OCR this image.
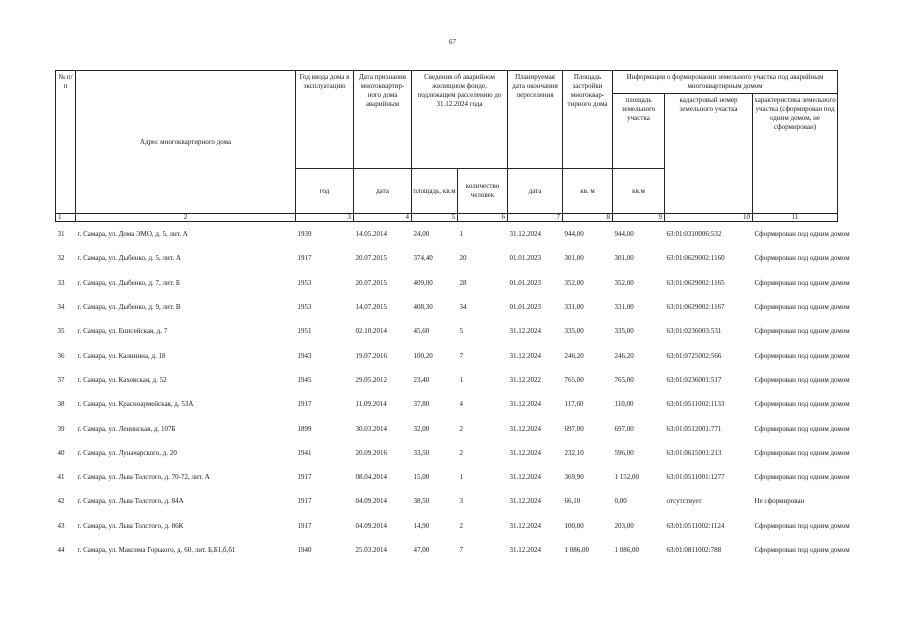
67
№ п/п	Адрес многоквартирного дома	Год ввода дома в эксплуатацию	Дата признания многоквартир-ного дома аварийным	Сведения об аварийном жилищном фонде, подлежащем расселению до 31.12.2024 года		Планируемая дата окончания переселения	Площадь застройки многоквар-тирного дома	Информация о формировании земельного участка под аварийным многоквартирным домом		
								площадь земельного участка	кадастровый номер земельного участка	характеристика земельного участка (сформирован под одним домом, не сформирован)
		год	дата	площадь, кв.м	количество человек	дата	кв. м	кв.м		
1	2	3	4	5	6	7	8	9	10	11
31	г. Самара, ул. Дома ЭМО, д. 5, лит. А	1939	14.05.2014	24,00	1	31.12.2024	944,00	944,00	63:01:0310006:532	Сформирован под одним домом
32	г. Самара, ул. Дыбенко, д. 5, лит. А	1917	20.07.2015	374,40	20	01.01.2023	301,00	301,00	63:01:0629002:1160	Сформирован под одним домом
33	г. Самара, ул. Дыбенко, д. 7, лит. Б	1953	20.07.2015	409,00	28	01.01.2023	352,00	352,00	63:01:0629002:1165	Сформирован под одним домом
34	г. Самара, ул. Дыбенко, д. 9, лит. В	1953	14.07.2015	408,30	34	01.01.2023	331,00	331,00	63:01:0629002:1167	Сформирован под одним домом
35	г. Самара, ул. Енисейская, д. 7	1951	02.10.2014	45,60	5	31.12.2024	335,00	335,00	63:01:0236003:531	Сформирован под одним домом
36	г. Самара, ул. Калинина, д. 18	1943	19.07.2016	100,20	7	31.12.2024	246,20	246,20	63:01:0725002:566	Сформирован под одним домом
37	г. Самара, ул. Каховская, д. 52	1945	29.05.2012	23,40	1	31.12.2022	765,00	765,00	63:01:0236001:517	Сформирован под одним домом
38	г. Самара, ул. Красноармейская, д. 53А	1917	11.09.2014	37,80	4	31.12.2024	117,60	110,00	63:01:0511002:1133	Сформирован под одним домом
39	г. Самара, ул. Ленинская, д. 107Б	1899	30.03.2014	32,00	2	31.12.2024	697,00	697,00	63:01:0512001:771	Сформирован под одним домом
40	г. Самара, ул. Луначарского, д. 20	1941	20.09.2016	33,50	2	31.12.2024	232,10	596,00	63:01:0615001:213	Сформирован под одним домом
41	г. Самара, ул. Льва Толстого, д. 70-72, лит. А	1917	08.04.2014	15,00	1	31.12.2024	369,90	1 152,00	63:01:0511001:1277	Сформирован под одним домом
42	г. Самара, ул. Льва Толстого, д. 84А	1917	04.09.2014	38,50	3	31.12.2024	66,10	0,00	отсутствует	Не сформирован
43	г. Самара, ул. Льва Толстого, д. 86К	1917	04.09.2014	14,90	2	31.12.2024	100,00	203,00	63:01:0511002:1124	Сформирован под одним домом
44	г. Самара, ул. Максима Горького, д. 60, лит. Б,Б1,б,б1	1940	25.03.2014	47,00	7	31.12.2024	1 086,00	1 086,00	63:01:0811002:788	Сформирован под одним домом
